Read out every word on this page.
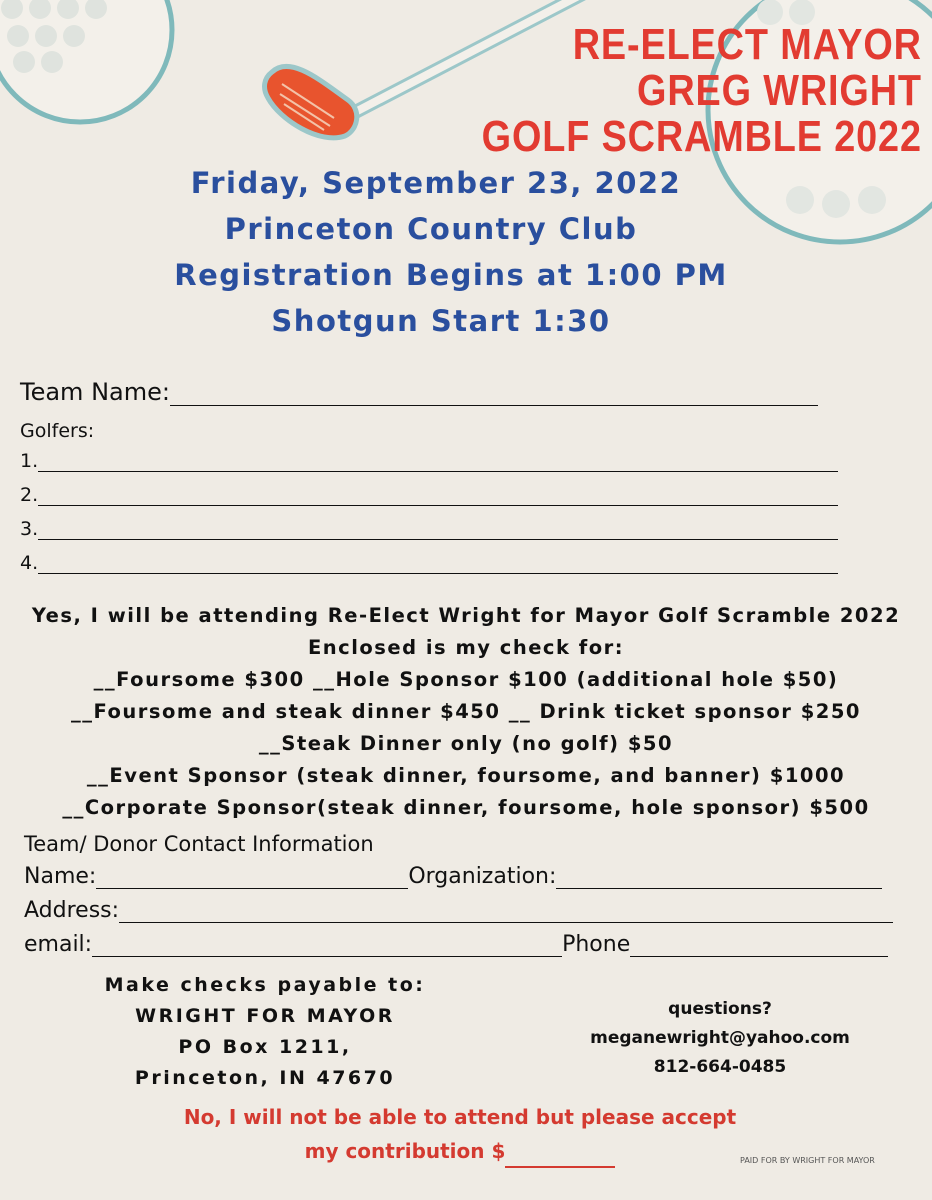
RE-ELECT MAYOR
GREG WRIGHT
GOLF SCRAMBLE 2022
Friday, September 23, 2022
Princeton Country Club
Registration Begins at 1:00 PM
Shotgun Start 1:30
Team Name:
Golfers:
1.
2.
3.
4.
Yes, I will be attending Re-Elect Wright for Mayor Golf Scramble 2022
Enclosed is my check for:
__Foursome $300 __Hole Sponsor $100 (additional hole $50)
__Foursome and steak dinner $450 __ Drink ticket sponsor $250
__Steak Dinner only (no golf) $50
__Event Sponsor (steak dinner, foursome, and banner) $1000
__Corporate Sponsor(steak dinner, foursome, hole sponsor) $500
Team/ Donor Contact Information
Name:	Organization:
Address:
email:	Phone
Make checks payable to:
WRIGHT FOR MAYOR
PO Box 1211,
Princeton, IN 47670
questions?
meganewright@yahoo.com
812-664-0485
No, I will not be able to attend but please accept
my contribution $	PAID FOR BY WRIGHT FOR MAYOR
